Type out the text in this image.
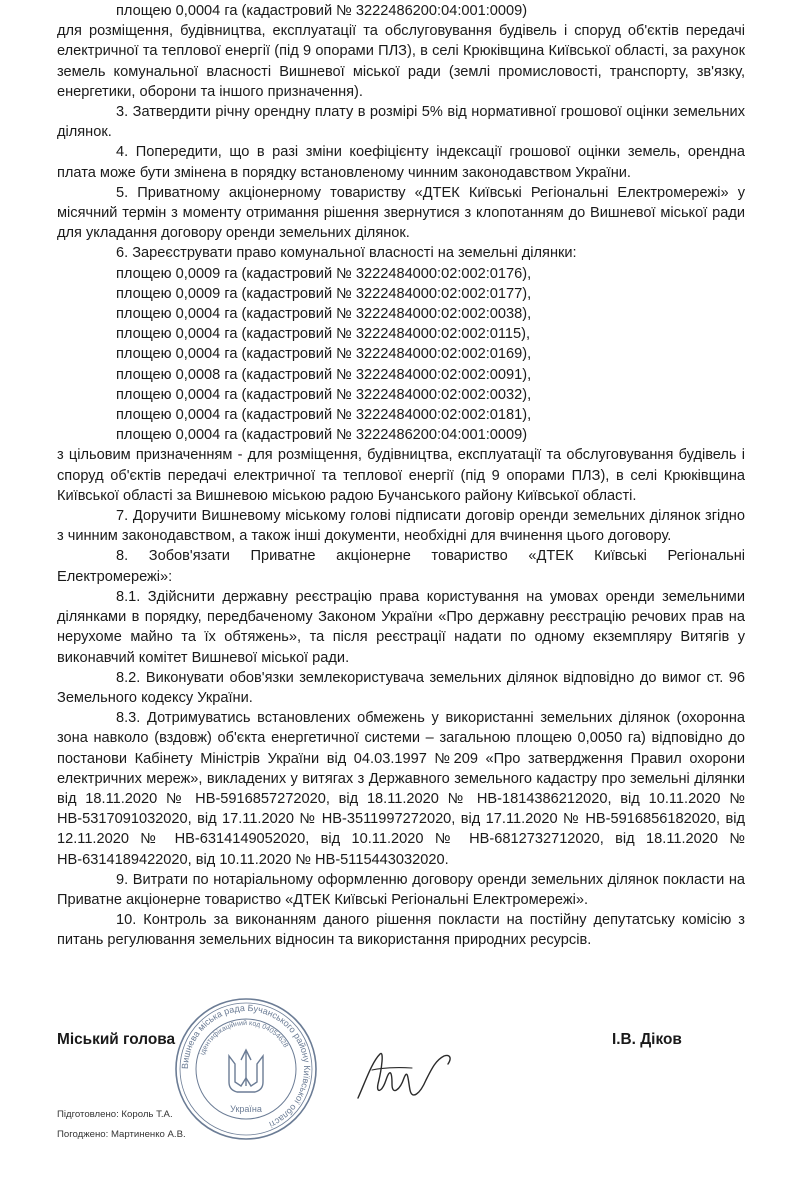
площею 0,0004 га (кадастровий № 3222486200:04:001:0009)

для розміщення, будівництва, експлуатації та обслуговування будівель і споруд об'єктів передачі електричної та теплової енергії (під 9 опорами ПЛЗ), в селі Крюківщина Київської області, за рахунок земель комунальної власності Вишневої міської ради (землі промисловості, транспорту, зв'язку, енергетики, оборони та іншого призначення).

3. Затвердити річну орендну плату в розмірі 5% від нормативної грошової оцінки земельних ділянок.

4. Попередити, що в разі зміни коефіцієнту індексації грошової оцінки земель, орендна плата може бути змінена в порядку встановленому чинним законодавством України.

5. Приватному акціонерному товариству «ДТЕК Київські Регіональні Електромережі» у місячний термін з моменту отримання рішення звернутися з клопотанням до Вишневої міської ради для укладання договору оренди земельних ділянок.

6. Зареєструвати право комунальної власності на земельні ділянки:

площею 0,0009 га (кадастровий № 3222484000:02:002:0176),

площею 0,0009 га (кадастровий № 3222484000:02:002:0177),

площею 0,0004 га (кадастровий № 3222484000:02:002:0038),

площею 0,0004 га (кадастровий № 3222484000:02:002:0115),

площею 0,0004 га (кадастровий № 3222484000:02:002:0169),

площею 0,0008 га (кадастровий № 3222484000:02:002:0091),

площею 0,0004 га (кадастровий № 3222484000:02:002:0032),

площею 0,0004 га (кадастровий № 3222484000:02:002:0181),

площею 0,0004 га (кадастровий № 3222486200:04:001:0009)

з цільовим призначенням - для розміщення, будівництва, експлуатації та обслуговування будівель і споруд об'єктів передачі електричної та теплової енергії (під 9 опорами ПЛЗ), в селі Крюківщина Київської області за Вишневою міською радою Бучанського району Київської області.

7. Доручити Вишневому міському голові підписати договір оренди земельних ділянок згідно з чинним законодавством, а також інші документи, необхідні для вчинення цього договору.

8. Зобов'язати Приватне акціонерне товариство «ДТЕК Київські Регіональні Електромережі»:

8.1. Здійснити державну реєстрацію права користування на умовах оренди земельними ділянками в порядку, передбаченому Законом України «Про державну реєстрацію речових прав на нерухоме майно та їх обтяжень», та після реєстрації надати по одному екземпляру Витягів у виконавчий комітет Вишневої міської ради.

8.2. Виконувати обов'язки землекористувача земельних ділянок відповідно до вимог ст. 96 Земельного кодексу України.

8.3. Дотримуватись встановлених обмежень у використанні земельних ділянок (охоронна зона навколо (вздовж) об'єкта енергетичної системи – загальною площею 0,0050 га) відповідно до постанови Кабінету Міністрів України від 04.03.1997 №209 «Про затвердження Правил охорони електричних мереж», викладених у витягах з Державного земельного кадастру про земельні ділянки від 18.11.2020 № НВ-5916857272020, від 18.11.2020 № НВ-1814386212020, від 10.11.2020 № НВ-5317091032020, від 17.11.2020 № НВ-3511997272020, від 17.11.2020 № НВ-5916856182020, від 12.11.2020 № НВ-6314149052020, від 10.11.2020 № НВ-6812732712020, від 18.11.2020 № НВ-6314189422020, від 10.11.2020 № НВ-5115443032020.

9. Витрати по нотаріальному оформленню договору оренди земельних ділянок покласти на Приватне акціонерне товариство «ДТЕК Київські Регіональні Електромережі».

10. Контроль за виконанням даного рішення покласти на постійну депутатську комісію з питань регулювання земельних відносин та використання природних ресурсів.

Міський голова	І.В. Діков
Вишнева міська рада Бучанського району Київської області
ідентифікаційний код 04054628
Україна
Підготовлено: Король Т.А.
Погоджено: Мартиненко А.В.
